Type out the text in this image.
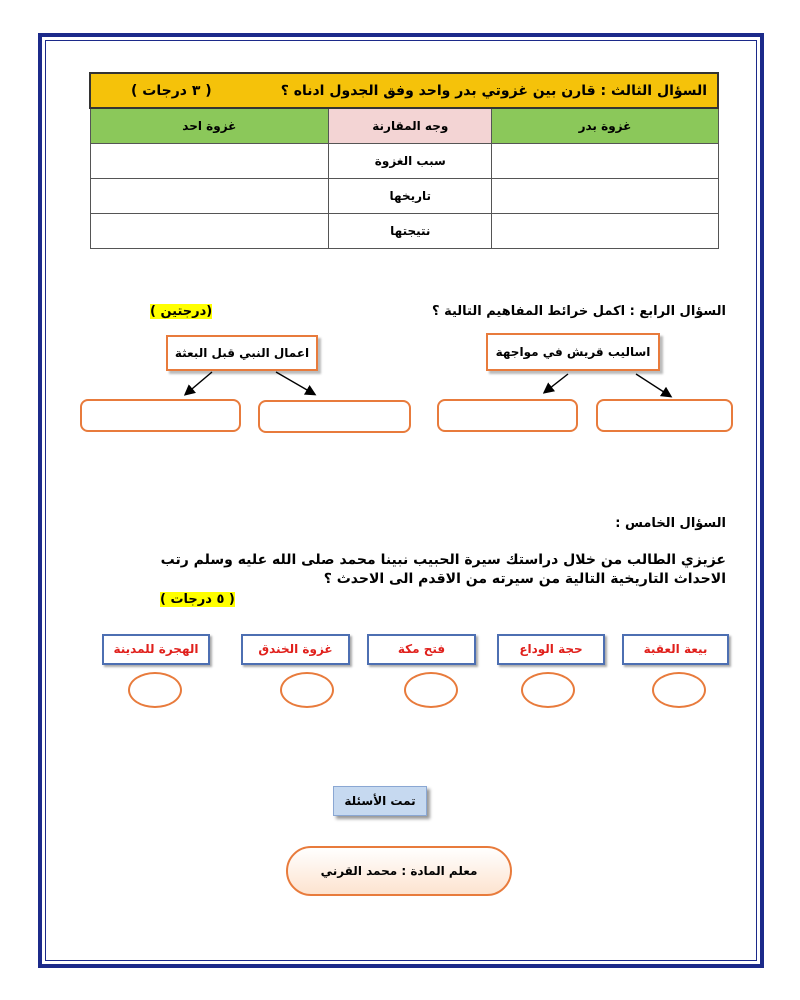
السؤال الثالث : قارن بين غزوتي بدر واحد وفق الجدول ادناه ؟
( ٣ درجات )		

غزوة بدر	وجه المقارنة	غزوة احد
	سبب الغزوة	
	تاريخها	
	نتيجتها	
السؤال الرابع : اكمل خرائط المفاهيم التالية ؟
(درجتين )
اساليب قريش في مواجهة
اعمال النبي قبل البعثة
السؤال الخامس :
عزيزي الطالب من خلال دراستك سيرة الحبيب نبينا محمد صلى الله عليه وسلم رتب الاحداث التاريخية التالية من سيرته من الاقدم الى الاحدث ؟
( ٥ درجات )
بيعة العقبة
حجة الوداع
فتح مكة
غزوة الخندق
الهجرة للمدينة
تمت الأسئلة
معلم المادة : محمد القرني
